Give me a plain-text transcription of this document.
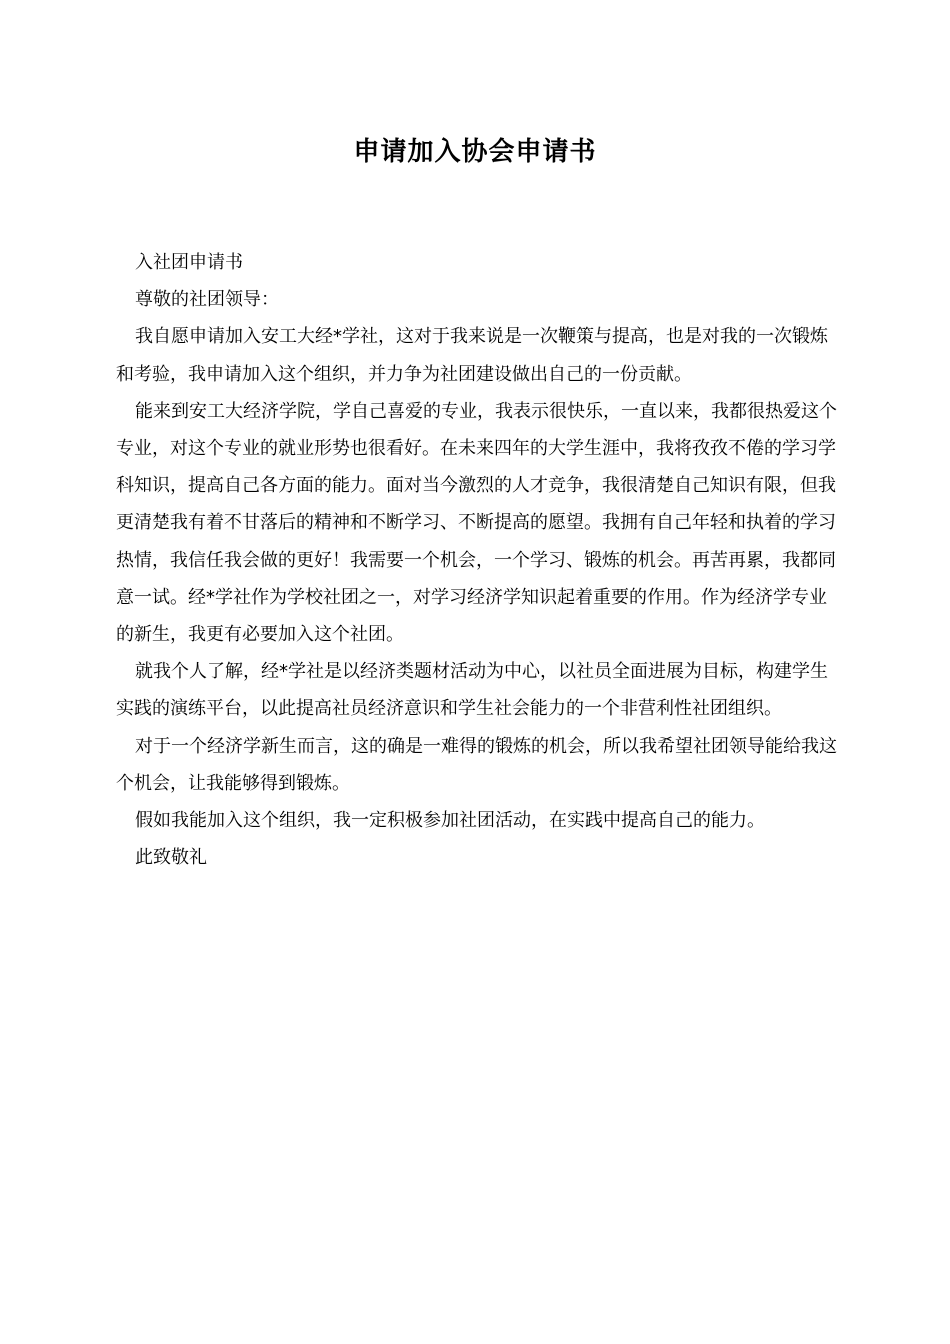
申请加入协会申请书

入社团申请书

尊敬的社团领导：

我自愿申请加入安工大经*学社，这对于我来说是一次鞭策与提高，也是对我的一次锻炼和考验，我申请加入这个组织，并力争为社团建设做出自己的一份贡献。

能来到安工大经济学院，学自己喜爱的专业，我表示很快乐，一直以来，我都很热爱这个专业，对这个专业的就业形势也很看好。在未来四年的大学生涯中，我将孜孜不倦的学习学科知识，提高自己各方面的能力。面对当今激烈的人才竞争，我很清楚自己知识有限，但我更清楚我有着不甘落后的精神和不断学习、不断提高的愿望。我拥有自己年轻和执着的学习热情，我信任我会做的更好！我需要一个机会，一个学习、锻炼的机会。再苦再累，我都同意一试。经*学社作为学校社团之一，对学习经济学知识起着重要的作用。作为经济学专业的新生，我更有必要加入这个社团。

就我个人了解，经*学社是以经济类题材活动为中心，以社员全面进展为目标，构建学生实践的演练平台，以此提高社员经济意识和学生社会能力的一个非营利性社团组织。

对于一个经济学新生而言，这的确是一难得的锻炼的机会，所以我希望社团领导能给我这个机会，让我能够得到锻炼。

假如我能加入这个组织，我一定积极参加社团活动，在实践中提高自己的能力。

此致敬礼
